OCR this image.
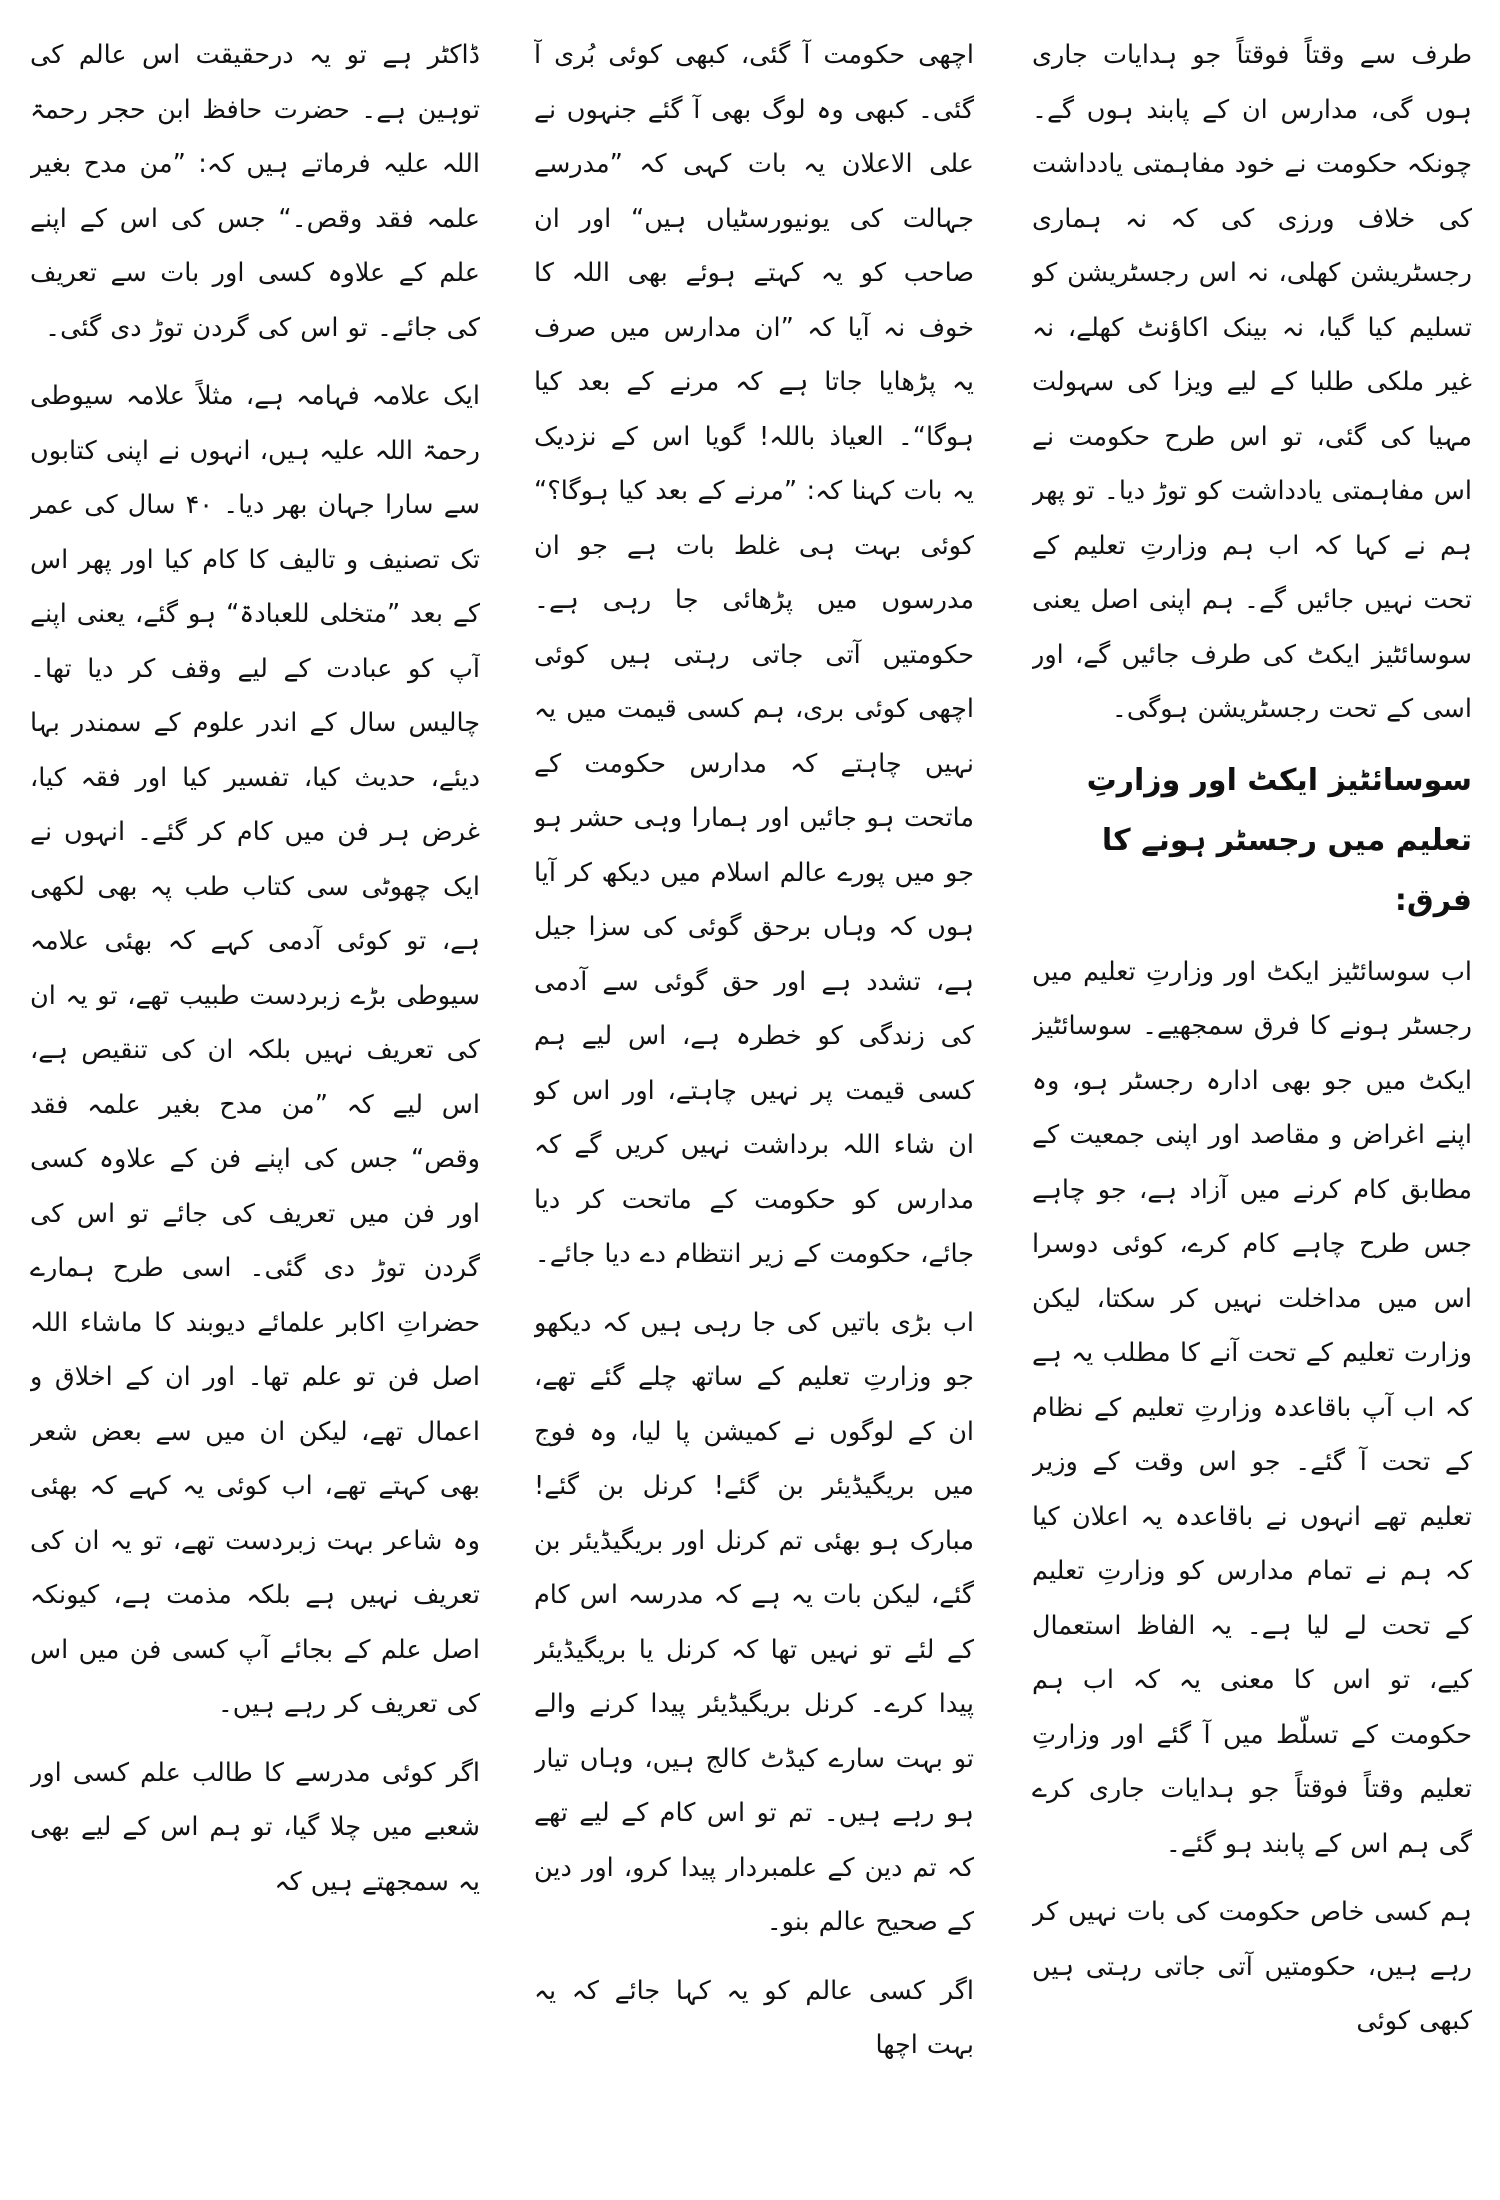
طرف سے وقتاً فوقتاً جو ہدایات جاری ہوں گی، مدارس ان کے پابند ہوں گے۔ چونکہ حکومت نے خود مفاہمتی یادداشت کی خلاف ورزی کی کہ نہ ہماری رجسٹریشن کھلی، نہ اس رجسٹریشن کو تسلیم کیا گیا، نہ بینک اکاؤنٹ کھلے، نہ غیر ملکی طلبا کے لیے ویزا کی سہولت مہیا کی گئی، تو اس طرح حکومت نے اس مفاہمتی یادداشت کو توڑ دیا۔ تو پھر ہم نے کہا کہ اب ہم وزارتِ تعلیم کے تحت نہیں جائیں گے۔ ہم اپنی اصل یعنی سوسائٹیز ایکٹ کی طرف جائیں گے، اور اسی کے تحت رجسٹریشن ہوگی۔

سوسائٹیز ایکٹ اور وزارتِ تعلیم میں رجسٹر ہونے کا فرق:

اب سوسائٹیز ایکٹ اور وزارتِ تعلیم میں رجسٹر ہونے کا فرق سمجھیے۔ سوسائٹیز ایکٹ میں جو بھی ادارہ رجسٹر ہو، وہ اپنے اغراض و مقاصد اور اپنی جمعیت کے مطابق کام کرنے میں آزاد ہے، جو چاہے جس طرح چاہے کام کرے، کوئی دوسرا اس میں مداخلت نہیں کر سکتا، لیکن وزارت تعلیم کے تحت آنے کا مطلب یہ ہے کہ اب آپ باقاعدہ وزارتِ تعلیم کے نظام کے تحت آ گئے۔ جو اس وقت کے وزیر تعلیم تھے انہوں نے باقاعدہ یہ اعلان کیا کہ ہم نے تمام مدارس کو وزارتِ تعلیم کے تحت لے لیا ہے۔ یہ الفاظ استعمال کیے، تو اس کا معنی یہ کہ اب ہم حکومت کے تسلّط میں آ گئے اور وزارتِ تعلیم وقتاً فوقتاً جو ہدایات جاری کرے گی ہم اس کے پابند ہو گئے۔

ہم کسی خاص حکومت کی بات نہیں کر رہے ہیں، حکومتیں آتی جاتی رہتی ہیں کبھی کوئی

اچھی حکومت آ گئی، کبھی کوئی بُری آ گئی۔ کبھی وہ لوگ بھی آ گئے جنہوں نے علی الاعلان یہ بات کہی کہ ”مدرسے جہالت کی یونیورسٹیاں ہیں“ اور ان صاحب کو یہ کہتے ہوئے بھی اللہ کا خوف نہ آیا کہ ”ان مدارس میں صرف یہ پڑھایا جاتا ہے کہ مرنے کے بعد کیا ہوگا“۔ العیاذ باللہ! گویا اس کے نزدیک یہ بات کہنا کہ: ”مرنے کے بعد کیا ہوگا؟“ کوئی بہت ہی غلط بات ہے جو ان مدرسوں میں پڑھائی جا رہی ہے۔ حکومتیں آتی جاتی رہتی ہیں کوئی اچھی کوئی بری، ہم کسی قیمت میں یہ نہیں چاہتے کہ مدارس حکومت کے ماتحت ہو جائیں اور ہمارا وہی حشر ہو جو میں پورے عالم اسلام میں دیکھ کر آیا ہوں کہ وہاں برحق گوئی کی سزا جیل ہے، تشدد ہے اور حق گوئی سے آدمی کی زندگی کو خطرہ ہے، اس لیے ہم کسی قیمت پر نہیں چاہتے، اور اس کو ان شاء اللہ برداشت نہیں کریں گے کہ مدارس کو حکومت کے ماتحت کر دیا جائے، حکومت کے زیر انتظام دے دیا جائے۔

اب بڑی باتیں کی جا رہی ہیں کہ دیکھو جو وزارتِ تعلیم کے ساتھ چلے گئے تھے، ان کے لوگوں نے کمیشن پا لیا، وہ فوج میں بریگیڈیئر بن گئے! کرنل بن گئے! مبارک ہو بھئی تم کرنل اور بریگیڈیئر بن گئے، لیکن بات یہ ہے کہ مدرسہ اس کام کے لئے تو نہیں تھا کہ کرنل یا بریگیڈیئر پیدا کرے۔ کرنل بریگیڈیئر پیدا کرنے والے تو بہت سارے کیڈٹ کالج ہیں، وہاں تیار ہو رہے ہیں۔ تم تو اس کام کے لیے تھے کہ تم دین کے علمبردار پیدا کرو، اور دین کے صحیح عالم بنو۔

اگر کسی عالم کو یہ کہا جائے کہ یہ بہت اچھا

ڈاکٹر ہے تو یہ درحقیقت اس عالم کی توہین ہے۔ حضرت حافظ ابن حجر رحمۃ اللہ علیہ فرماتے ہیں کہ: ”من مدح بغیر علمہ فقد وقص۔“ جس کی اس کے اپنے علم کے علاوہ کسی اور بات سے تعریف کی جائے۔ تو اس کی گردن توڑ دی گئی۔

ایک علامہ فہامہ ہے، مثلاً علامہ سیوطی رحمۃ اللہ علیہ ہیں، انہوں نے اپنی کتابوں سے سارا جہان بھر دیا۔ ۴۰ سال کی عمر تک تصنیف و تالیف کا کام کیا اور پھر اس کے بعد ”متخلی للعبادۃ“ ہو گئے، یعنی اپنے آپ کو عبادت کے لیے وقف کر دیا تھا۔ چالیس سال کے اندر علوم کے سمندر بہا دیئے، حدیث کیا، تفسیر کیا اور فقہ کیا، غرض ہر فن میں کام کر گئے۔ انہوں نے ایک چھوٹی سی کتاب طب پہ بھی لکھی ہے، تو کوئی آدمی کہے کہ بھئی علامہ سیوطی بڑے زبردست طبیب تھے، تو یہ ان کی تعریف نہیں بلکہ ان کی تنقیص ہے، اس لیے کہ ”من مدح بغیر علمہ فقد وقص“ جس کی اپنے فن کے علاوہ کسی اور فن میں تعریف کی جائے تو اس کی گردن توڑ دی گئی۔ اسی طرح ہمارے حضراتِ اکابر علمائے دیوبند کا ماشاء اللہ اصل فن تو علم تھا۔ اور ان کے اخلاق و اعمال تھے، لیکن ان میں سے بعض شعر بھی کہتے تھے، اب کوئی یہ کہے کہ بھئی وہ شاعر بہت زبردست تھے، تو یہ ان کی تعریف نہیں ہے بلکہ مذمت ہے، کیونکہ اصل علم کے بجائے آپ کسی فن میں اس کی تعریف کر رہے ہیں۔

اگر کوئی مدرسے کا طالب علم کسی اور شعبے میں چلا گیا، تو ہم اس کے لیے بھی یہ سمجھتے ہیں کہ
